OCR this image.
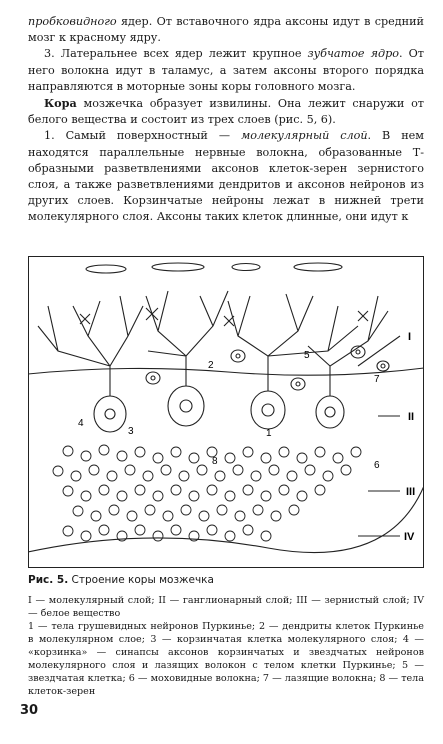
пробковидного ядер. От вставочного ядра аксоны идут в средний мозг к красному ядру.

3. Латеральнее всех ядер лежит крупное зубчатое ядро. От него волокна идут в таламус, а затем аксоны второго порядка направляются в моторные зоны коры головного мозга.

Кора мозжечка образует извилины. Она лежит снаружи от белого вещества и состоит из трех слоев (рис. 5, 6).

1. Самый поверхностный — молекулярный слой. В нем находятся параллельные нервные волокна, образованные Т-образными разветвлениями аксонов клеток-зерен зернистого слоя, а также разветвлениями дендритов и аксонов нейронов из других слоев. Корзинчатые нейроны лежат в нижней трети молекулярного слоя. Аксоны таких клеток длинные, они идут к

I
II
III
IV
1
2
3
4
5
6
7
8
Рис. 5. Строение коры мозжечка

I — молекулярный слой; II — ганглионарный слой; III — зернистый слой; IV — белое вещество

1 — тела грушевидных нейронов Пуркинье; 2 — дендриты клеток Пуркинье в молекулярном слое; 3 — корзинчатая клетка молекулярного слоя; 4 — «корзинка» — синапсы аксонов корзинчатых и звездчатых нейронов молекулярного слоя и лазящих волокон с телом клетки Пуркинье; 5 — звездчатая клетка; 6 — моховидные волокна; 7 — лазящие волокна; 8 — тела клеток-зерен

30
